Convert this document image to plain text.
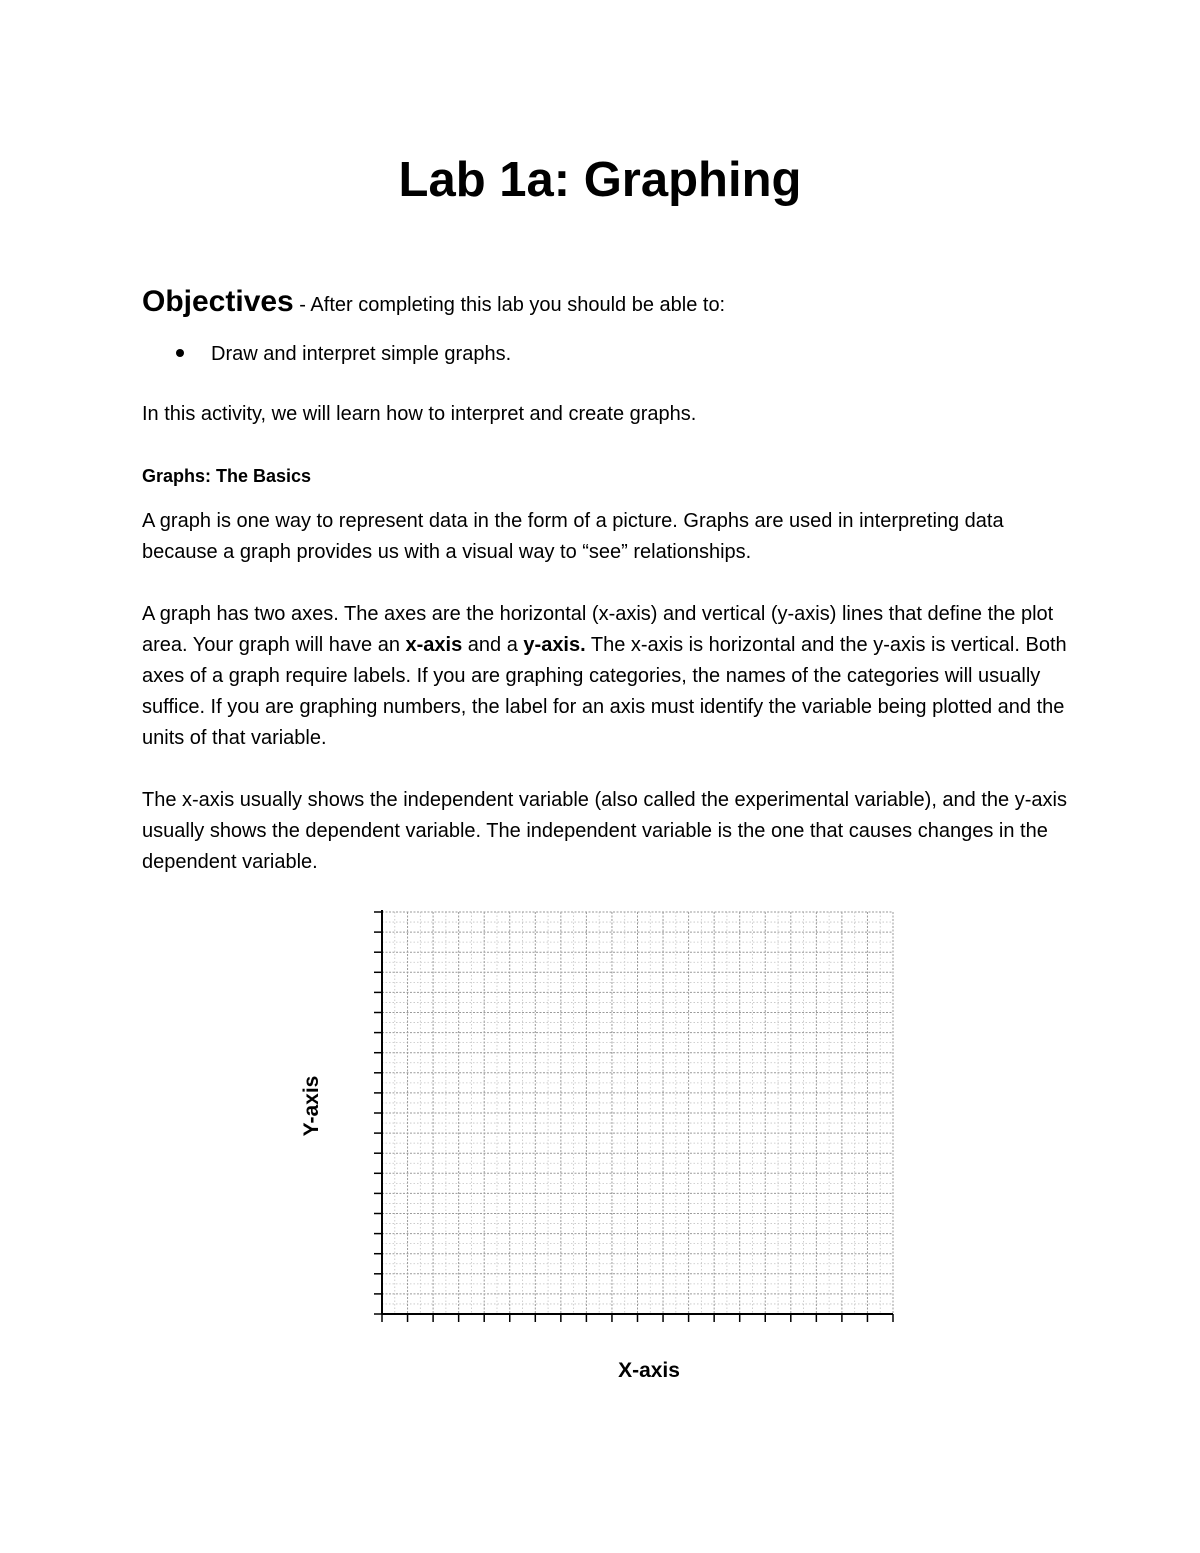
Lab 1a: Graphing
Objectives - After completing this lab you should be able to:
Draw and interpret simple graphs.

In this activity, we will learn how to interpret and create graphs.

Graphs: The Basics

A graph is one way to represent data in the form of a picture. Graphs are used in interpreting data because a graph provides us with a visual way to “see” relationships.

A graph has two axes. The axes are the horizontal (x-axis) and vertical (y-axis) lines that define the plot area. Your graph will have an x-axis and a y-axis. The x-axis is horizontal and the y-axis is vertical. Both axes of a graph require labels. If you are graphing categories, the names of the categories will usually suffice. If you are graphing numbers, the label for an axis must identify the variable being plotted and the units of that variable.

The x-axis usually shows the independent variable (also called the experimental variable), and the y-axis usually shows the dependent variable. The independent variable is the one that causes changes in the dependent variable.

Y-axis
X-axis
